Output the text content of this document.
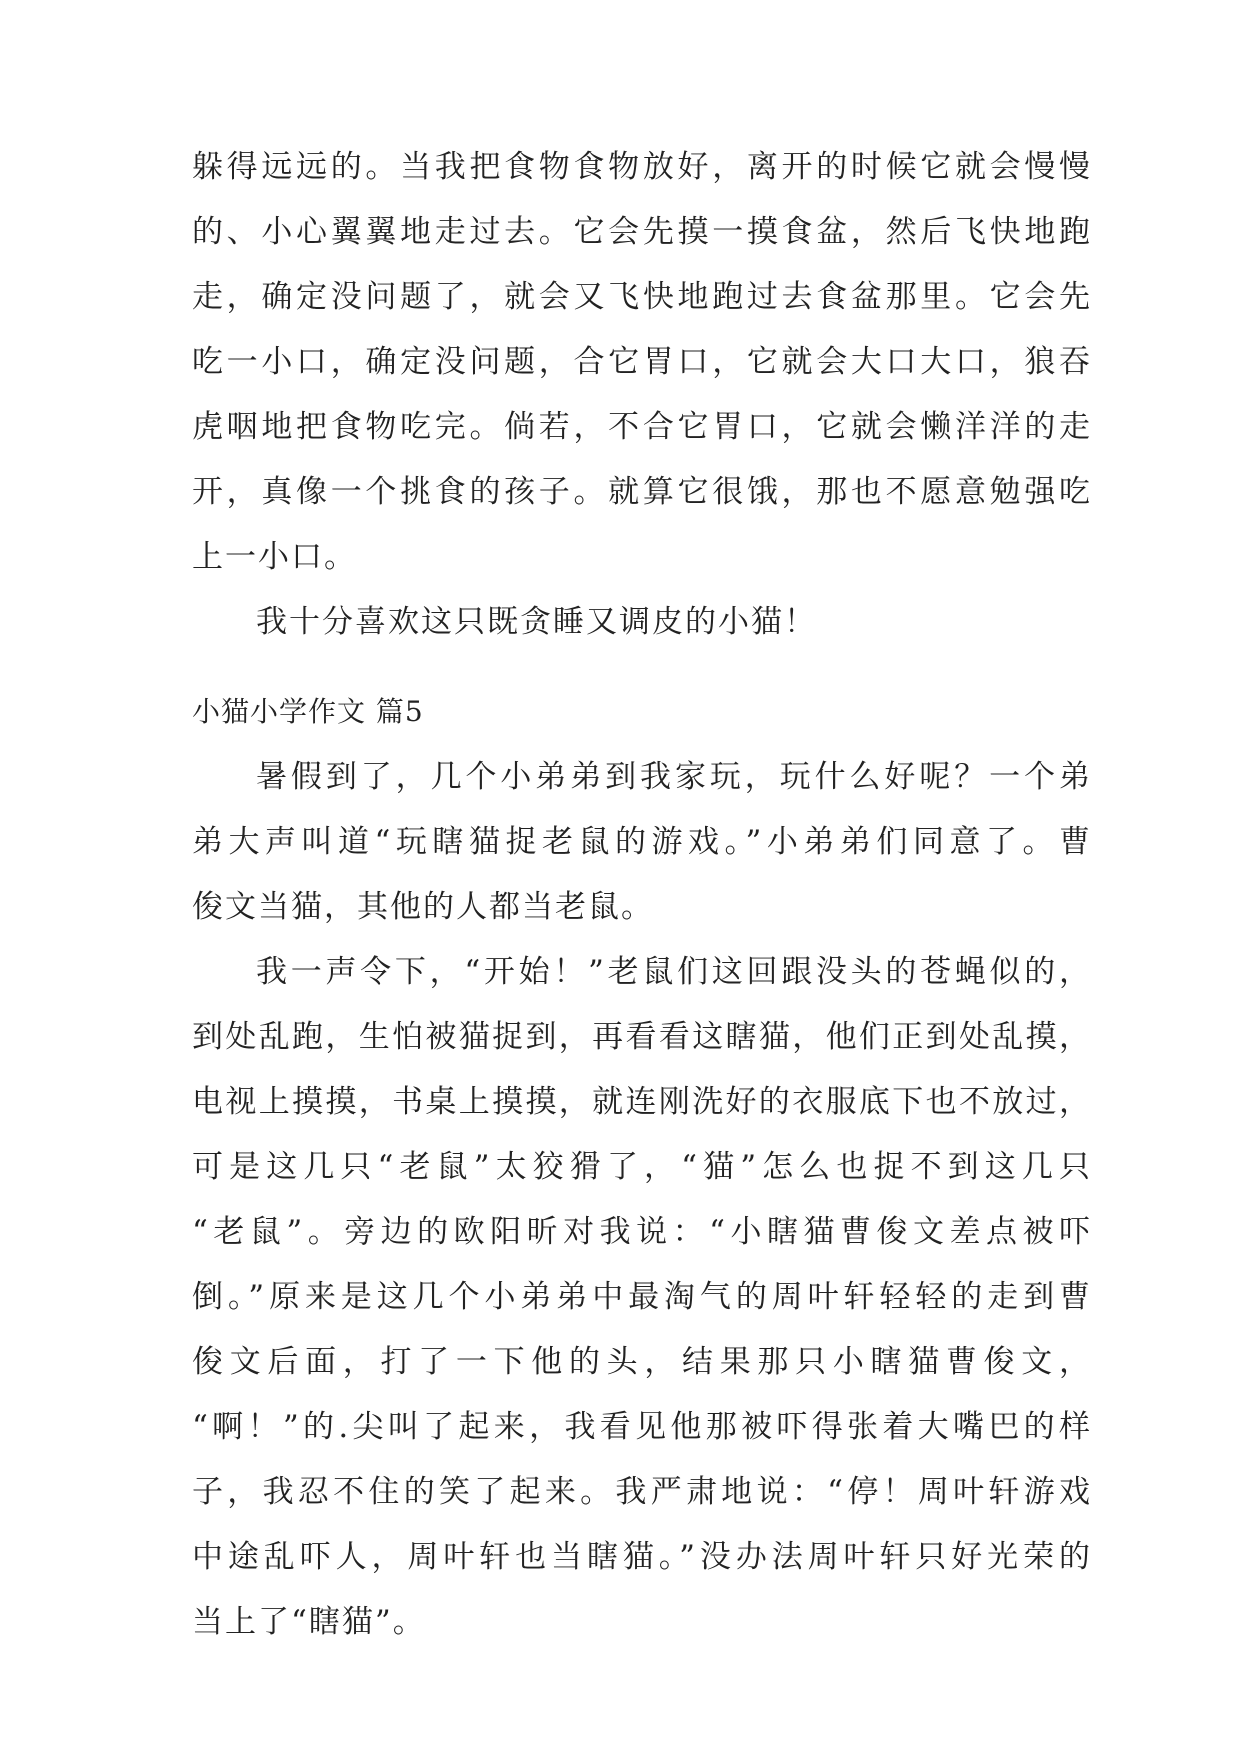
躲得远远的。当我把食物食物放好，离开的时候它就会慢慢
的、小心翼翼地走过去。它会先摸一摸食盆，然后飞快地跑
走，确定没问题了，就会又飞快地跑过去食盆那里。它会先
吃一小口，确定没问题，合它胃口，它就会大口大口，狼吞
虎咽地把食物吃完。倘若，不合它胃口，它就会懒洋洋的走
开，真像一个挑食的孩子。就算它很饿，那也不愿意勉强吃
上一小口。
我十分喜欢这只既贪睡又调皮的小猫！
小猫小学作文 篇5
暑假到了，几个小弟弟到我家玩，玩什么好呢？一个弟
弟大声叫道“玩瞎猫捉老鼠的游戏。”小弟弟们同意了。曹
俊文当猫，其他的人都当老鼠。
我一声令下，“开始！”老鼠们这回跟没头的苍蝇似的，
到处乱跑，生怕被猫捉到，再看看这瞎猫，他们正到处乱摸，
电视上摸摸，书桌上摸摸，就连刚洗好的衣服底下也不放过，
可是这几只“老鼠”太狡猾了，“猫”怎么也捉不到这几只
“老鼠”。旁边的欧阳昕对我说：“小瞎猫曹俊文差点被吓
倒。”原来是这几个小弟弟中最淘气的周叶轩轻轻的走到曹
俊文后面，打了一下他的头，结果那只小瞎猫曹俊文，
“啊！”的.尖叫了起来，我看见他那被吓得张着大嘴巴的样
子，我忍不住的笑了起来。我严肃地说：“停！周叶轩游戏
中途乱吓人，周叶轩也当瞎猫。”没办法周叶轩只好光荣的
当上了“瞎猫”。
